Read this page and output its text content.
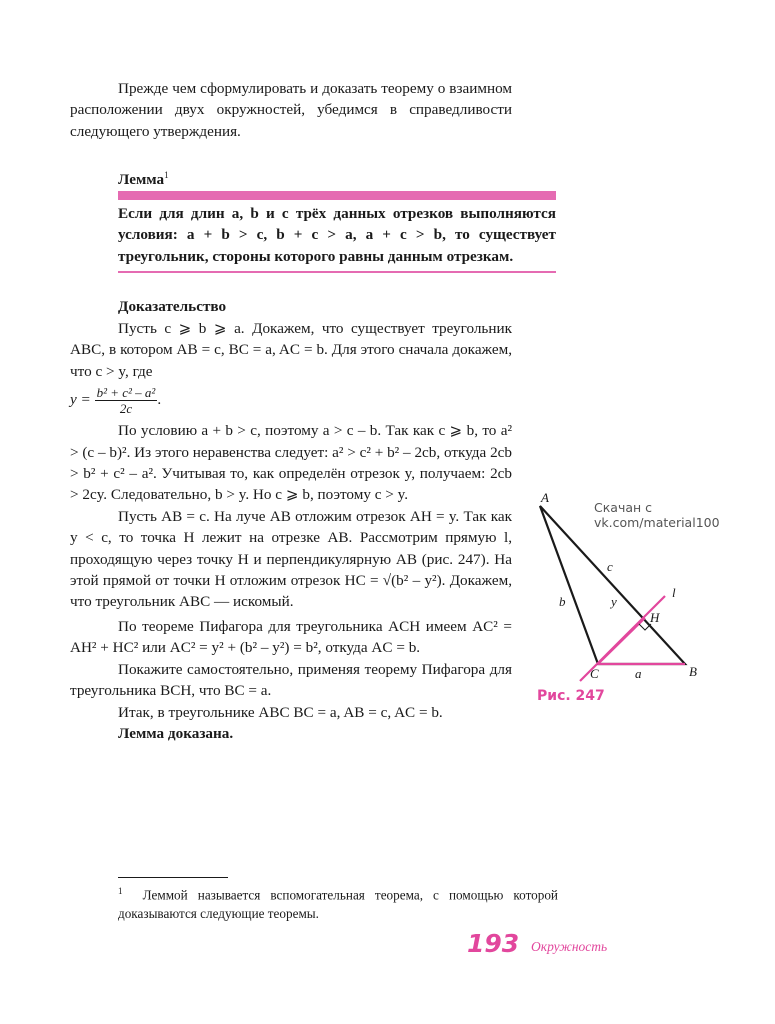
Прежде чем сформулировать и доказать теорему о взаимном расположении двух окружностей, убедимся в справедливости следующего утверждения.

Лемма$^1$
Если для длин a, b и c трёх данных отрезков выполняются условия: a + b > c, b + c > a, a + c > b, то существует треугольник, стороны которого равны данным отрезкам.
Доказательство

Пусть c ⩾ b ⩾ a. Докажем, что существует треугольник ABC, в котором AB = c, BC = a, AC = b. Для этого сначала докажем, что c > y, где

$y = \frac{\text{b² + c² – a²}}{2c}$ .

По условию a + b > c, поэтому a > c – b. Так как c ⩾ b, то a² > (c – b)². Из этого неравенства следует: a² > c² + b² – 2cb, откуда 2cb > b² + c² – a². Учитывая то, как определён отрезок y, получаем: 2cb > 2cy. Следовательно, b > y. Но c ⩾ b, поэтому c > y.

Пусть AB = c. На луче AB отложим отрезок AH = y. Так как y < c, то точка H лежит на отрезке AB. Рассмотрим прямую l, проходящую через точку H и перпендикулярную AB (рис. 247). На этой прямой от точки H отложим отрезок HC = √(b² – y²). Докажем, что треугольник ABC — искомый.

По теореме Пифагора для треугольника ACH имеем AC² = AH² + HC² или AC² = y² + (b² – y²) = b², откуда AC = b.

Покажите самостоятельно, применяя теорему Пифагора для треугольника BCH, что BC = a.

Итак, в треугольнике ABC BC = a, AB = c, AC = b.

Лемма доказана.

$^1$ Леммой называется вспомогательная теорема, с помощью которой доказываются следующие теоремы.
Скачан с vk.com/material100
A
B
C
H
a
b
c
y
l
Рис. 247
193 Окружность
